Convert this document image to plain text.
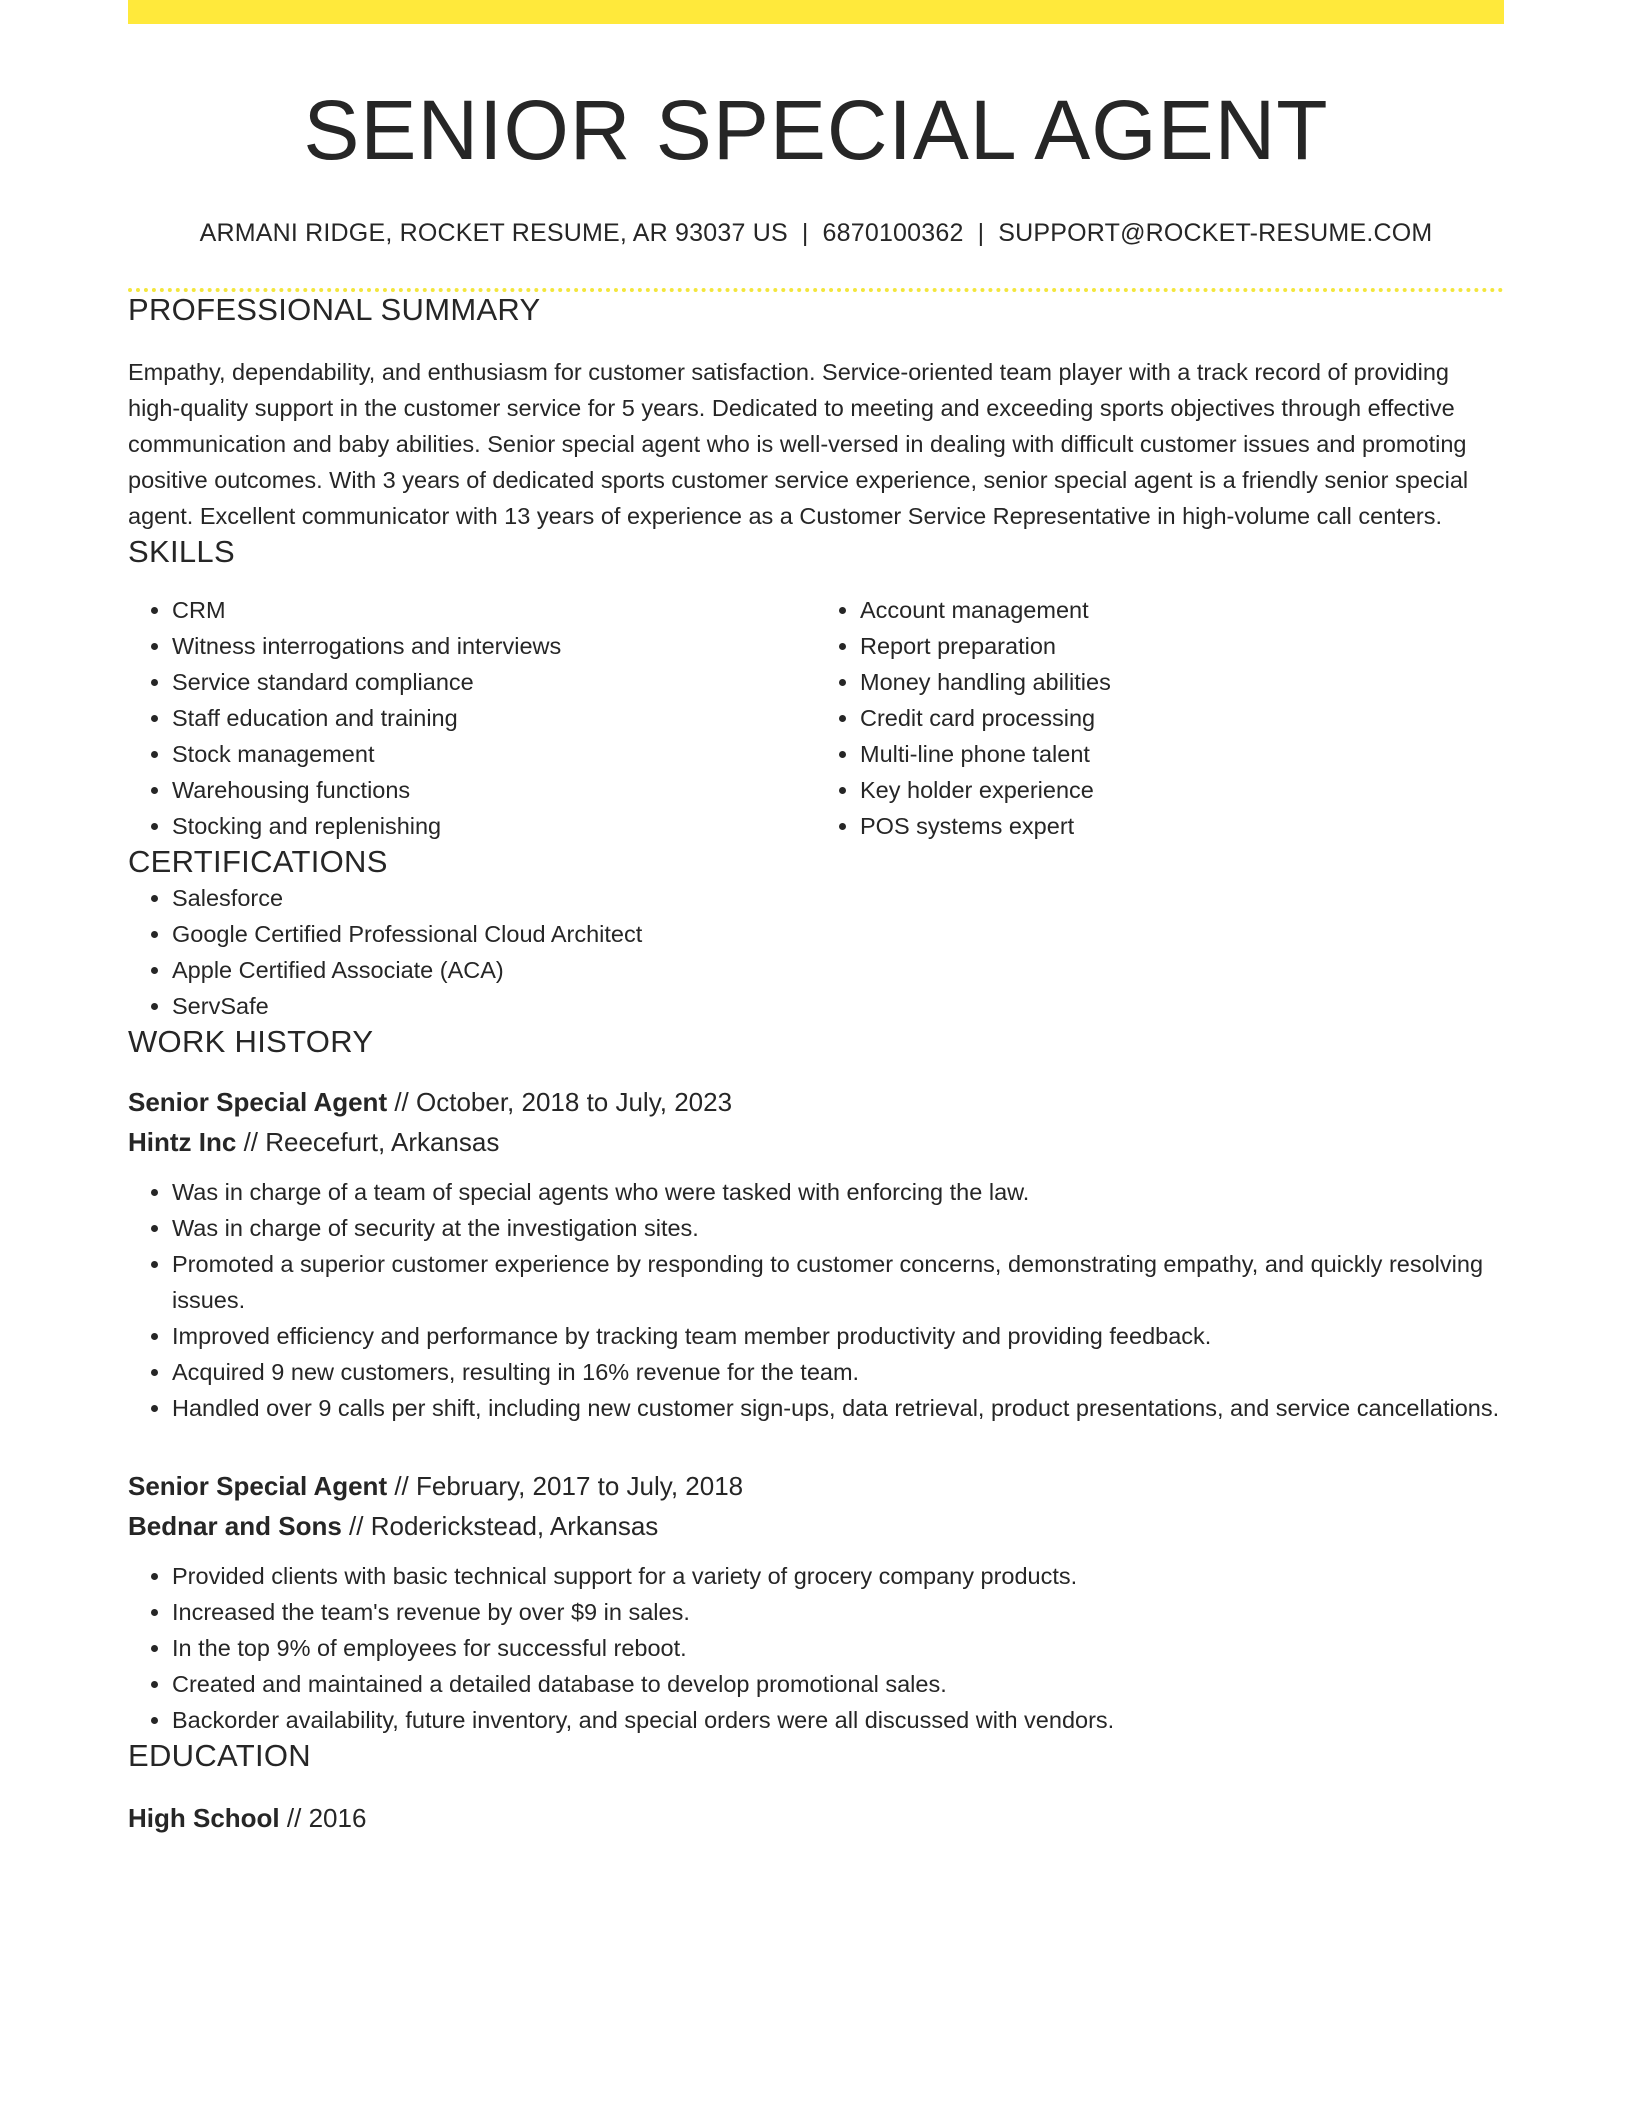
SENIOR SPECIAL AGENT
ARMANI RIDGE, ROCKET RESUME, AR 93037 US | 6870100362 | SUPPORT@ROCKET-RESUME.COM
PROFESSIONAL SUMMARY

Empathy, dependability, and enthusiasm for customer satisfaction. Service-oriented team player with a track record of providing high-quality support in the customer service for 5 years. Dedicated to meeting and exceeding sports objectives through effective communication and baby abilities. Senior special agent who is well-versed in dealing with difficult customer issues and promoting positive outcomes. With 3 years of dedicated sports customer service experience, senior special agent is a friendly senior special agent. Excellent communicator with 13 years of experience as a Customer Service Representative in high-volume call centers.

SKILLS
• CRM
• Witness interrogations and interviews
• Service standard compliance
• Staff education and training
• Stock management
• Warehousing functions
• Stocking and replenishing
• Account management
• Report preparation
• Money handling abilities
• Credit card processing
• Multi-line phone talent
• Key holder experience
• POS systems expert
CERTIFICATIONS
• Salesforce
• Google Certified Professional Cloud Architect
• Apple Certified Associate (ACA)
• ServSafe
WORK HISTORY
Senior Special Agent // October, 2018 to July, 2023
Hintz Inc // Reecefurt, Arkansas
• Was in charge of a team of special agents who were tasked with enforcing the law.
• Was in charge of security at the investigation sites.
• Promoted a superior customer experience by responding to customer concerns, demonstrating empathy, and quickly resolving issues.
• Improved efficiency and performance by tracking team member productivity and providing feedback.
• Acquired 9 new customers, resulting in 16% revenue for the team.
• Handled over 9 calls per shift, including new customer sign-ups, data retrieval, product presentations, and service cancellations.
Senior Special Agent // February, 2017 to July, 2018
Bednar and Sons // Roderickstead, Arkansas
• Provided clients with basic technical support for a variety of grocery company products.
• Increased the team's revenue by over $9 in sales.
• In the top 9% of employees for successful reboot.
• Created and maintained a detailed database to develop promotional sales.
• Backorder availability, future inventory, and special orders were all discussed with vendors.
EDUCATION
High School // 2016
